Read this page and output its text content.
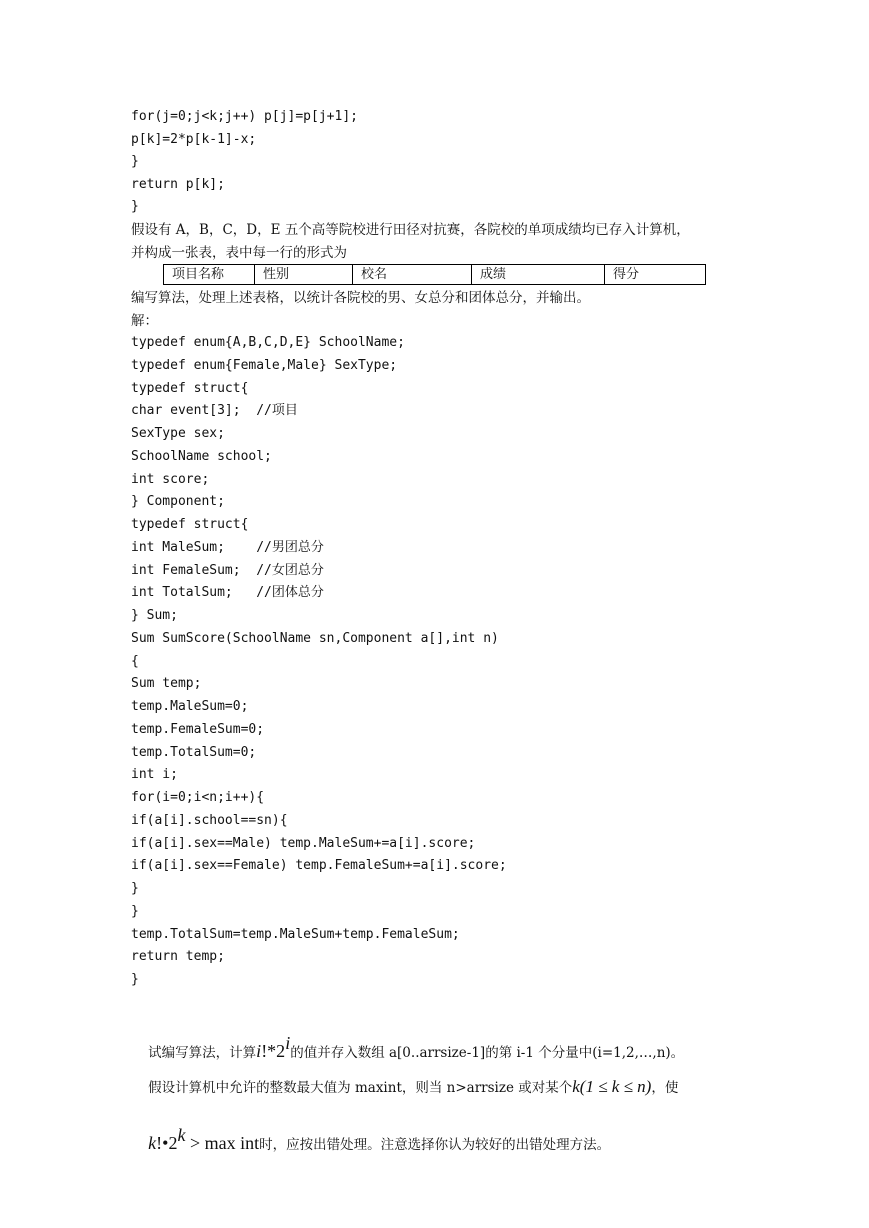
for(j=0;j<k;j++) p[j]=p[j+1];
p[k]=2*p[k-1]-x;
}
return p[k];
}
假设有 A，B，C，D，E 五个高等院校进行田径对抗赛，各院校的单项成绩均已存入计算机，
并构成一张表，表中每一行的形式为
项目名称	性别	校名	成绩	得分
编写算法，处理上述表格，以统计各院校的男、女总分和团体总分，并输出。
解：
typedef enum{A,B,C,D,E} SchoolName;
typedef enum{Female,Male} SexType;
typedef struct{
char event[3];  //项目
SexType sex;
SchoolName school;
int score;
} Component;
typedef struct{
int MaleSum;    //男团总分
int FemaleSum;  //女团总分
int TotalSum;   //团体总分
} Sum;
Sum SumScore(SchoolName sn,Component a[],int n)
{
Sum temp;
temp.MaleSum=0;
temp.FemaleSum=0;
temp.TotalSum=0;
int i;
for(i=0;i<n;i++){
if(a[i].school==sn){
if(a[i].sex==Male) temp.MaleSum+=a[i].score;
if(a[i].sex==Female) temp.FemaleSum+=a[i].score;
}
}
temp.TotalSum=temp.MaleSum+temp.FemaleSum;
return temp;
}

试编写算法，计算i!*2$^i$的值并存入数组 a[0..arrsize-1]的第 i-1 个分量中(i=1,2,…,n)。

假设计算机中允许的整数最大值为 maxint，则当 n>arrsize 或对某个k(1 ≤ k ≤ n)，使

$k!•2^k > \max$ int时，应按出错处理。注意选择你认为较好的出错处理方法。
